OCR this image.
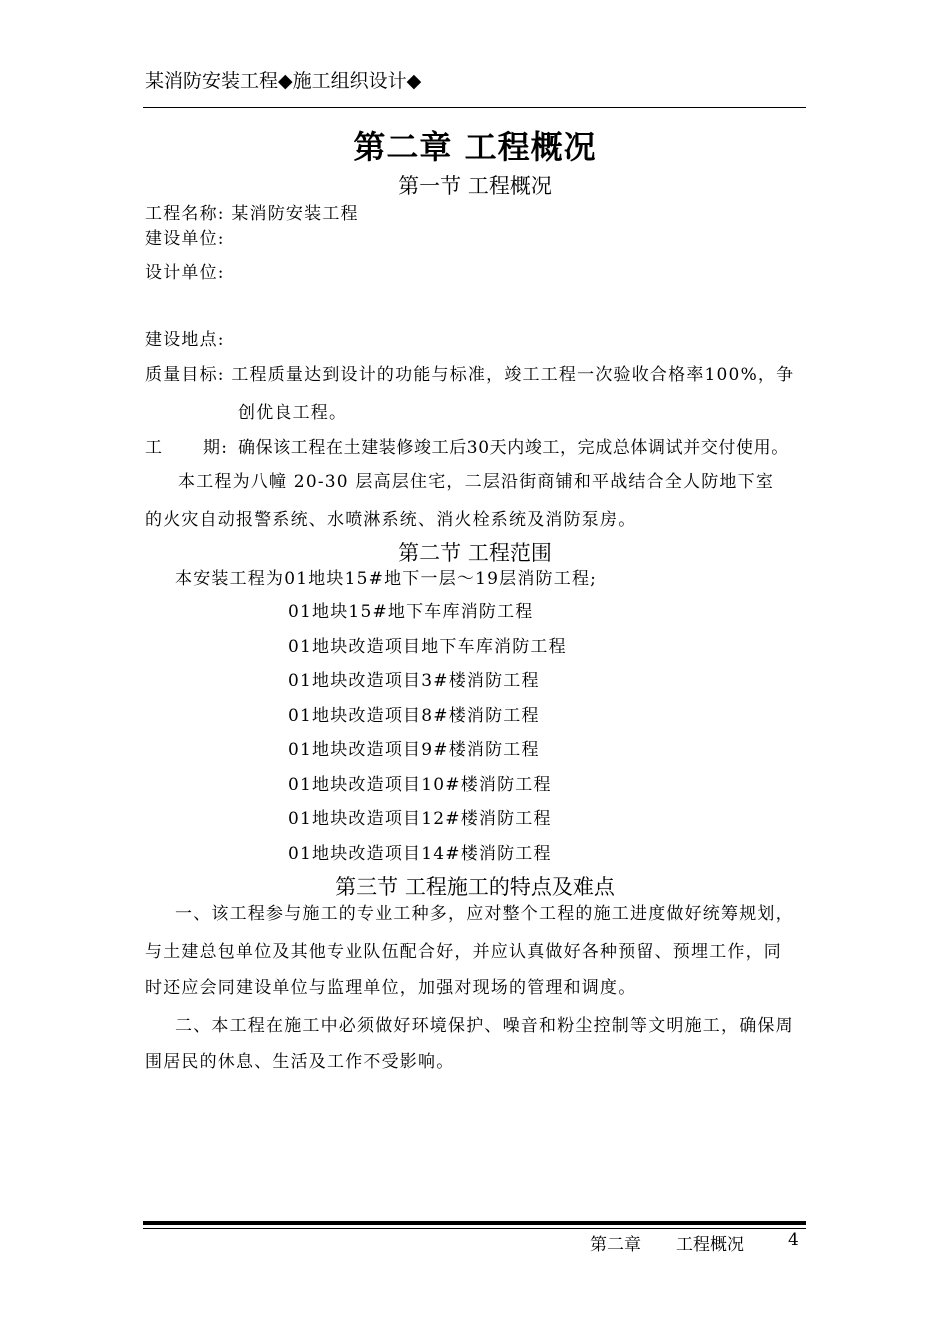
某消防安装工程◆施工组织设计◆
第二章 工程概况
第一节 工程概况
工程名称: 某消防安装工程
建设单位:
设计单位:
建设地点:
质量目标: 工程质量达到设计的功能与标准，竣工工程一次验收合格率100%，争
创优良工程。
工 期: 确保该工程在土建装修竣工后30天内竣工，完成总体调试并交付使用。
本工程为八幢 20-30 层高层住宅，二层沿街商铺和平战结合全人防地下室
的火灾自动报警系统、水喷淋系统、消火栓系统及消防泵房。
第二节 工程范围
本安装工程为01地块15#地下一层～19层消防工程;
01地块15#地下车库消防工程
01地块改造项目地下车库消防工程
01地块改造项目3#楼消防工程
01地块改造项目8#楼消防工程
01地块改造项目9#楼消防工程
01地块改造项目10#楼消防工程
01地块改造项目12#楼消防工程
01地块改造项目14#楼消防工程
第三节 工程施工的特点及难点
一、该工程参与施工的专业工种多，应对整个工程的施工进度做好统筹规划，
与土建总包单位及其他专业队伍配合好，并应认真做好各种预留、预埋工作，同
时还应会同建设单位与监理单位，加强对现场的管理和调度。
二、本工程在施工中必须做好环境保护、噪音和粉尘控制等文明施工，确保周
围居民的休息、生活及工作不受影响。
第二章 工程概况	4
